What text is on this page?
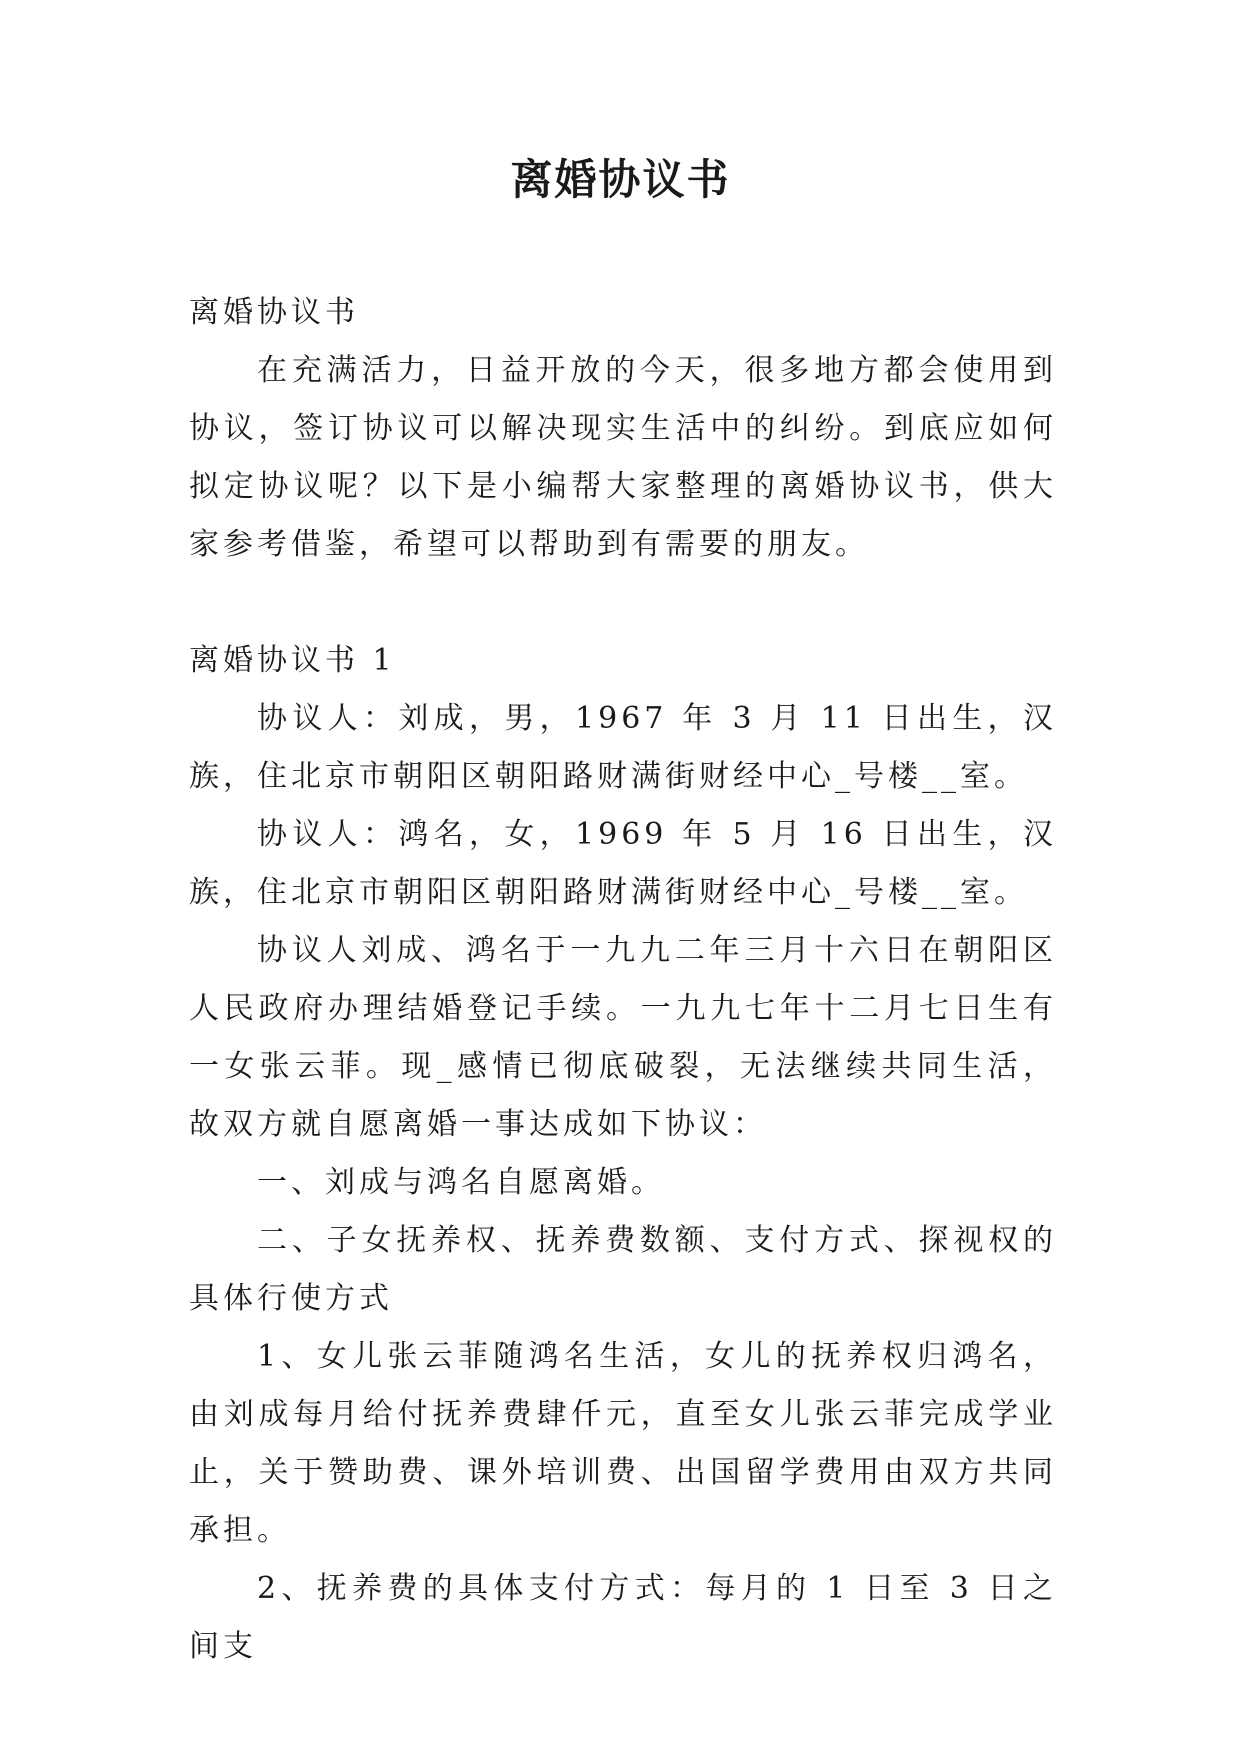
离婚协议书

离婚协议书

在充满活力，日益开放的今天，很多地方都会使用到协议，签订协议可以解决现实生活中的纠纷。到底应如何拟定协议呢？以下是小编帮大家整理的离婚协议书，供大家参考借鉴，希望可以帮助到有需要的朋友。

离婚协议书 1

协议人：刘成，男，1967 年 3 月 11 日出生，汉族，住北京市朝阳区朝阳路财满街财经中心_号楼__室。

协议人：鸿名，女，1969 年 5 月 16 日出生，汉族，住北京市朝阳区朝阳路财满街财经中心_号楼__室。

协议人刘成、鸿名于一九九二年三月十六日在朝阳区人民政府办理结婚登记手续。一九九七年十二月七日生有一女张云菲。现_感情已彻底破裂，无法继续共同生活，故双方就自愿离婚一事达成如下协议：

一、刘成与鸿名自愿离婚。

二、子女抚养权、抚养费数额、支付方式、探视权的具体行使方式

1、女儿张云菲随鸿名生活，女儿的抚养权归鸿名，由刘成每月给付抚养费肆仟元，直至女儿张云菲完成学业止，关于赞助费、课外培训费、出国留学费用由双方共同承担。

2、抚养费的具体支付方式：每月的 1 日至 3 日之间支
